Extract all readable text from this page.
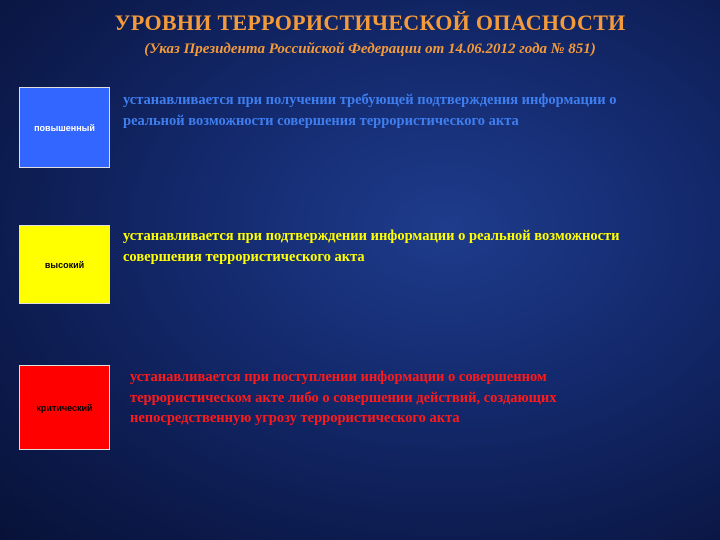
УРОВНИ ТЕРРОРИСТИЧЕСКОЙ ОПАСНОСТИ
(Указ Президента Российской Федерации от 14.06.2012 года № 851)
повышенный
устанавливается при получении требующей подтверждения информации о реальной возможности совершения террористического акта
высокий
устанавливается при подтверждении информации о реальной возможности совершения террористического акта
критический
устанавливается при поступлении информации о совершенном террористическом акте либо о совершении действий, создающих непосредственную угрозу террористического акта
